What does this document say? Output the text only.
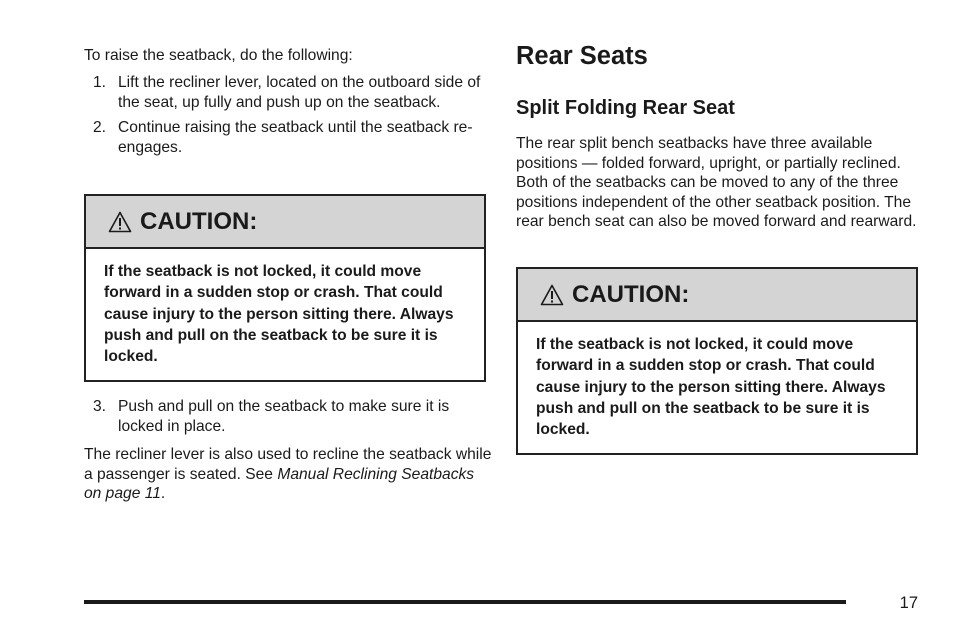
To raise the seatback, do the following:

1. Lift the recliner lever, located on the outboard side of the seat, up fully and push up on the seatback.
2. Continue raising the seatback until the seatback re-engages.
CAUTION:
If the seatback is not locked, it could move forward in a sudden stop or crash. That could cause injury to the person sitting there. Always push and pull on the seatback to be sure it is locked.
3. Push and pull on the seatback to make sure it is locked in place.

The recliner lever is also used to recline the seatback while a passenger is seated. See Manual Reclining Seatbacks on page 11.

Rear Seats
Split Folding Rear Seat

The rear split bench seatbacks have three available positions — folded forward, upright, or partially reclined. Both of the seatbacks can be moved to any of the three positions independent of the other seatback position. The rear bench seat can also be moved forward and rearward.

CAUTION:
If the seatback is not locked, it could move forward in a sudden stop or crash. That could cause injury to the person sitting there. Always push and pull on the seatback to be sure it is locked.
17
